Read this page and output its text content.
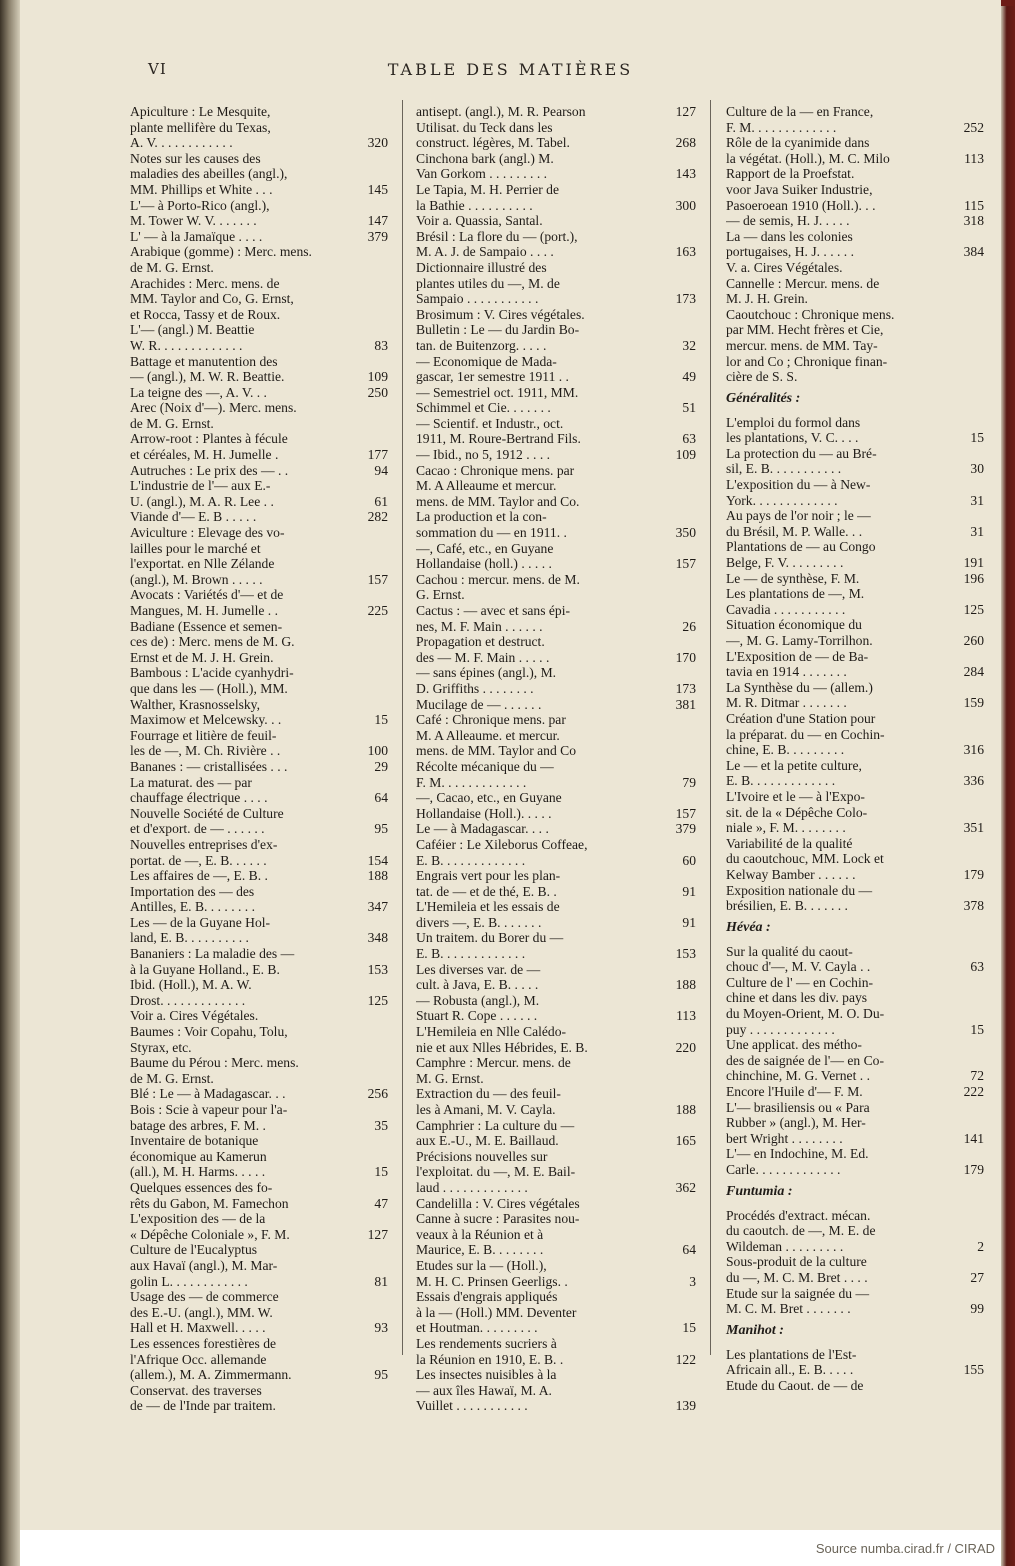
VI	TABLE DES MATIÈRES
Apiculture : Le Mesquite,
plante mellifère du Texas,
A. V. . . . . . . . . . . .	320
Notes sur les causes des
maladies des abeilles (angl.),
MM. Phillips et White . . .	145
L'— à Porto-Rico (angl.),
M. Tower W. V. . . . . . .	147
L' — à la Jamaïque . . . .	379
Arabique (gomme) : Merc. mens.
de M. G. Ernst.
Arachides : Merc. mens. de
MM. Taylor and Co, G. Ernst,
et Rocca, Tassy et de Roux.
L'— (angl.) M. Beattie
W. R. . . . . . . . . . . . .	83
Battage et manutention des
— (angl.), M. W. R. Beattie.	109
La teigne des —, A. V. . .	250
Arec (Noix d'—). Merc. mens.
de M. G. Ernst.
Arrow-root : Plantes à fécule
et céréales, M. H. Jumelle .	177
Autruches : Le prix des — . .	94
L'industrie de l'— aux E.-
U. (angl.), M. A. R. Lee . .	61
Viande d'— E. B . . . . .	282
Aviculture : Elevage des vo-
lailles pour le marché et
l'exportat. en Nlle Zélande
(angl.), M. Brown . . . . .	157
Avocats : Variétés d'— et de
Mangues, M. H. Jumelle . .	225
Badiane (Essence et semen-
ces de) : Merc. mens de M. G.
Ernst et de M. J. H. Grein.
Bambous : L'acide cyanhydri-
que dans les — (Holl.), MM.
Walther, Krasnosselsky,
Maximow et Melcewsky. . .	15
Fourrage et litière de feuil-
les de —, M. Ch. Rivière . .	100
Bananes : — cristallisées . . .	29
La maturat. des — par
chauffage électrique . . . .	64
Nouvelle Société de Culture
et d'export. de — . . . . . .	95
Nouvelles entreprises d'ex-
portat. de —, E. B. . . . . .	154
Les affaires de —, E. B. .	188
Importation des — des
Antilles, E. B. . . . . . . .	347
Les — de la Guyane Hol-
land, E. B. . . . . . . . . .	348
Bananiers : La maladie des —
à la Guyane Holland., E. B.	153
Ibid. (Holl.), M. A. W.
Drost. . . . . . . . . . . . .	125
Voir a. Cires Végétales.
Baumes : Voir Copahu, Tolu,
Styrax, etc.
Baume du Pérou : Merc. mens.
de M. G. Ernst.
Blé : Le — à Madagascar. . .	256
Bois : Scie à vapeur pour l'a-
batage des arbres, F. M. .	35
Inventaire de botanique
économique au Kamerun
(all.), M. H. Harms. . . . .	15
Quelques essences des fo-
rêts du Gabon, M. Famechon	47
L'exposition des — de la
« Dépêche Coloniale », F. M.	127
Culture de l'Eucalyptus
aux Havaï (angl.), M. Mar-
golin L. . . . . . . . . . . .	81
Usage des — de commerce
des E.-U. (angl.), MM. W.
Hall et H. Maxwell. . . . .	93
Les essences forestières de
l'Afrique Occ. allemande
(allem.), M. A. Zimmermann.	95
Conservat. des traverses
de — de l'Inde par traitem.
antisept. (angl.), M. R. Pearson	127
Utilisat. du Teck dans les
construct. légères, M. Tabel.	268
Cinchona bark (angl.) M.
Van Gorkom . . . . . . . . .	143
Le Tapia, M. H. Perrier de
la Bathie . . . . . . . . . .	300
Voir a. Quassia, Santal.
Brésil : La flore du — (port.),
M. A. J. de Sampaio . . . .	163
Dictionnaire illustré des
plantes utiles du —, M. de
Sampaio . . . . . . . . . . .	173
Brosimum : V. Cires végétales.
Bulletin : Le — du Jardin Bo-
tan. de Buitenzorg. . . . .	32
— Economique de Mada-
gascar, 1er semestre 1911 . .	49
— Semestriel oct. 1911, MM.
Schimmel et Cie. . . . . . .	51
— Scientif. et Industr., oct.
1911, M. Roure-Bertrand Fils.	63
— Ibid., no 5, 1912 . . . .	109
Cacao : Chronique mens. par
M. A Alleaume et mercur.
mens. de MM. Taylor and Co.
La production et la con-
sommation du — en 1911. .	350
—, Café, etc., en Guyane
Hollandaise (holl.) . . . . .	157
Cachou : mercur. mens. de M.
G. Ernst.
Cactus : — avec et sans épi-
nes, M. F. Main . . . . . .	26
Propagation et destruct.
des — M. F. Main . . . . .	170
— sans épines (angl.), M.
D. Griffiths . . . . . . . .	173
Mucilage de — . . . . . .	381
Café : Chronique mens. par
M. A Alleaume. et mercur.
mens. de MM. Taylor and Co
Récolte mécanique du —
F. M. . . . . . . . . . . . .	79
—, Cacao, etc., en Guyane
Hollandaise (Holl.). . . . .	157
Le — à Madagascar. . . .	379
Caféier : Le Xileborus Coffeae,
E. B. . . . . . . . . . . . .	60
Engrais vert pour les plan-
tat. de — et de thé, E. B. .	91
L'Hemileia et les essais de
divers —, E. B. . . . . . .	91
Un traitem. du Borer du —
E. B. . . . . . . . . . . . .	153
Les diverses var. de —
cult. à Java, E. B. . . . .	188
— Robusta (angl.), M.
Stuart R. Cope . . . . . .	113
L'Hemileia en Nlle Calédo-
nie et aux Nlles Hébrides, E. B.	220
Camphre : Mercur. mens. de
M. G. Ernst.
Extraction du — des feuil-
les à Amani, M. V. Cayla.	188
Camphrier : La culture du —
aux E.-U., M. E. Baillaud.	165
Précisions nouvelles sur
l'exploitat. du —, M. E. Bail-
laud . . . . . . . . . . . . .	362
Candelilla : V. Cires végétales
Canne à sucre : Parasites nou-
veaux à la Réunion et à
Maurice, E. B. . . . . . . .	64
Etudes sur la — (Holl.),
M. H. C. Prinsen Geerligs. .	3
Essais d'engrais appliqués
à la — (Holl.) MM. Deventer
et Houtman. . . . . . . . .	15
Les rendements sucriers à
la Réunion en 1910, E. B. .	122
Les insectes nuisibles à la
— aux îles Hawaï, M. A.
Vuillet . . . . . . . . . . .	139
Culture de la — en France,
F. M. . . . . . . . . . . . .	252
Rôle de la cyanimide dans
la végétat. (Holl.), M. C. Milo	113
Rapport de la Proefstat.
voor Java Suiker Industrie,
Pasoeroean 1910 (Holl.). . .	115
— de semis, H. J. . . . .	318
La — dans les colonies
portugaises, H. J. . . . . .	384
V. a. Cires Végétales.
Cannelle : Mercur. mens. de
M. J. H. Grein.
Caoutchouc : Chronique mens.
par MM. Hecht frères et Cie,
mercur. mens. de MM. Tay-
lor and Co ; Chronique finan-
cière de S. S.
Généralités :
L'emploi du formol dans
les plantations, V. C. . . .	15
La protection du — au Bré-
sil, E. B. . . . . . . . . . .	30
L'exposition du — à New-
York. . . . . . . . . . . . .	31
Au pays de l'or noir ; le —
du Brésil, M. P. Walle. . .	31
Plantations de — au Congo
Belge, F. V. . . . . . . . .	191
Le — de synthèse, F. M.	196
Les plantations de —, M.
Cavadia . . . . . . . . . . .	125
Situation économique du
—, M. G. Lamy-Torrilhon.	260
L'Exposition de — de Ba-
tavia en 1914 . . . . . . .	284
La Synthèse du — (allem.)
M. R. Ditmar . . . . . . .	159
Création d'une Station pour
la préparat. du — en Cochin-
chine, E. B. . . . . . . . .	316
Le — et la petite culture,
E. B. . . . . . . . . . . . .	336
L'Ivoire et le — à l'Expo-
sit. de la « Dépêche Colo-
niale », F. M. . . . . . . .	351
Variabilité de la qualité
du caoutchouc, MM. Lock et
Kelway Bamber . . . . . .	179
Exposition nationale du —
brésilien, E. B. . . . . . .	378
Hévéa :
Sur la qualité du caout-
chouc d'—, M. V. Cayla . .	63
Culture de l' — en Cochin-
chine et dans les div. pays
du Moyen-Orient, M. O. Du-
puy . . . . . . . . . . . . .	15
Une applicat. des métho-
des de saignée de l'— en Co-
chinchine, M. G. Vernet . .	72
Encore l'Huile d'— F. M.	222
L'— brasiliensis ou « Para
Rubber » (angl.), M. Her-
bert Wright . . . . . . . .	141
L'— en Indochine, M. Ed.
Carle. . . . . . . . . . . . .	179
Funtumia :
Procédés d'extract. mécan.
du caoutch. de —, M. E. de
Wildeman . . . . . . . . .	2
Sous-produit de la culture
du —, M. C. M. Bret . . . .	27
Etude sur la saignée du —
M. C. M. Bret . . . . . . .	99
Manihot :
Les plantations de l'Est-
Africain all., E. B. . . . .	155
Etude du Caout. de — de
Source numba.cirad.fr / CIRAD
